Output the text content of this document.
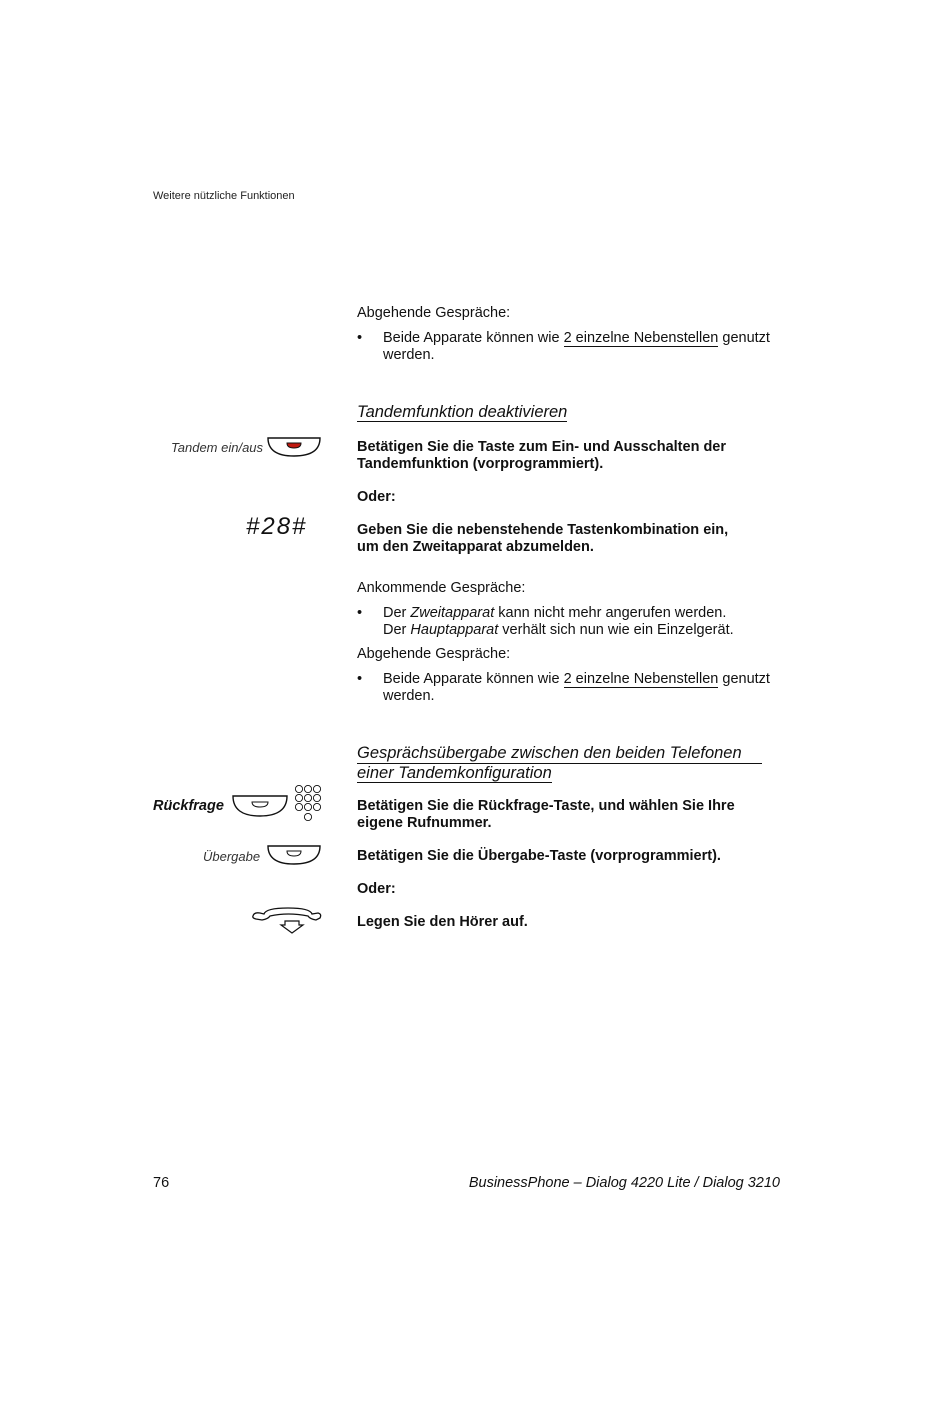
Weitere nützliche Funktionen
Abgehende Gespräche:
• Beide Apparate können wie 2 einzelne Nebenstellen genutzt
werden.
Tandemfunktion deaktivieren
Tandem ein/aus	Betätigen Sie die Taste zum Ein- und Ausschalten der
Tandemfunktion (vorprogrammiert).
Oder:
#28#	Geben Sie die nebenstehende Tastenkombination ein,
um den Zweitapparat abzumelden.
Ankommende Gespräche:
• Der Zweitapparat kann nicht mehr angerufen werden.
Der Hauptapparat verhält sich nun wie ein Einzelgerät.
Abgehende Gespräche:
• Beide Apparate können wie 2 einzelne Nebenstellen genutzt
werden.
Gesprächsübergabe zwischen den beiden Telefonen
einer Tandemkonfiguration
Rückfrage	Betätigen Sie die Rückfrage-Taste, und wählen Sie Ihre
eigene Rufnummer.
Übergabe	Betätigen Sie die Übergabe-Taste (vorprogrammiert).
Oder:
Legen Sie den Hörer auf.
76	BusinessPhone – Dialog 4220 Lite / Dialog 3210
